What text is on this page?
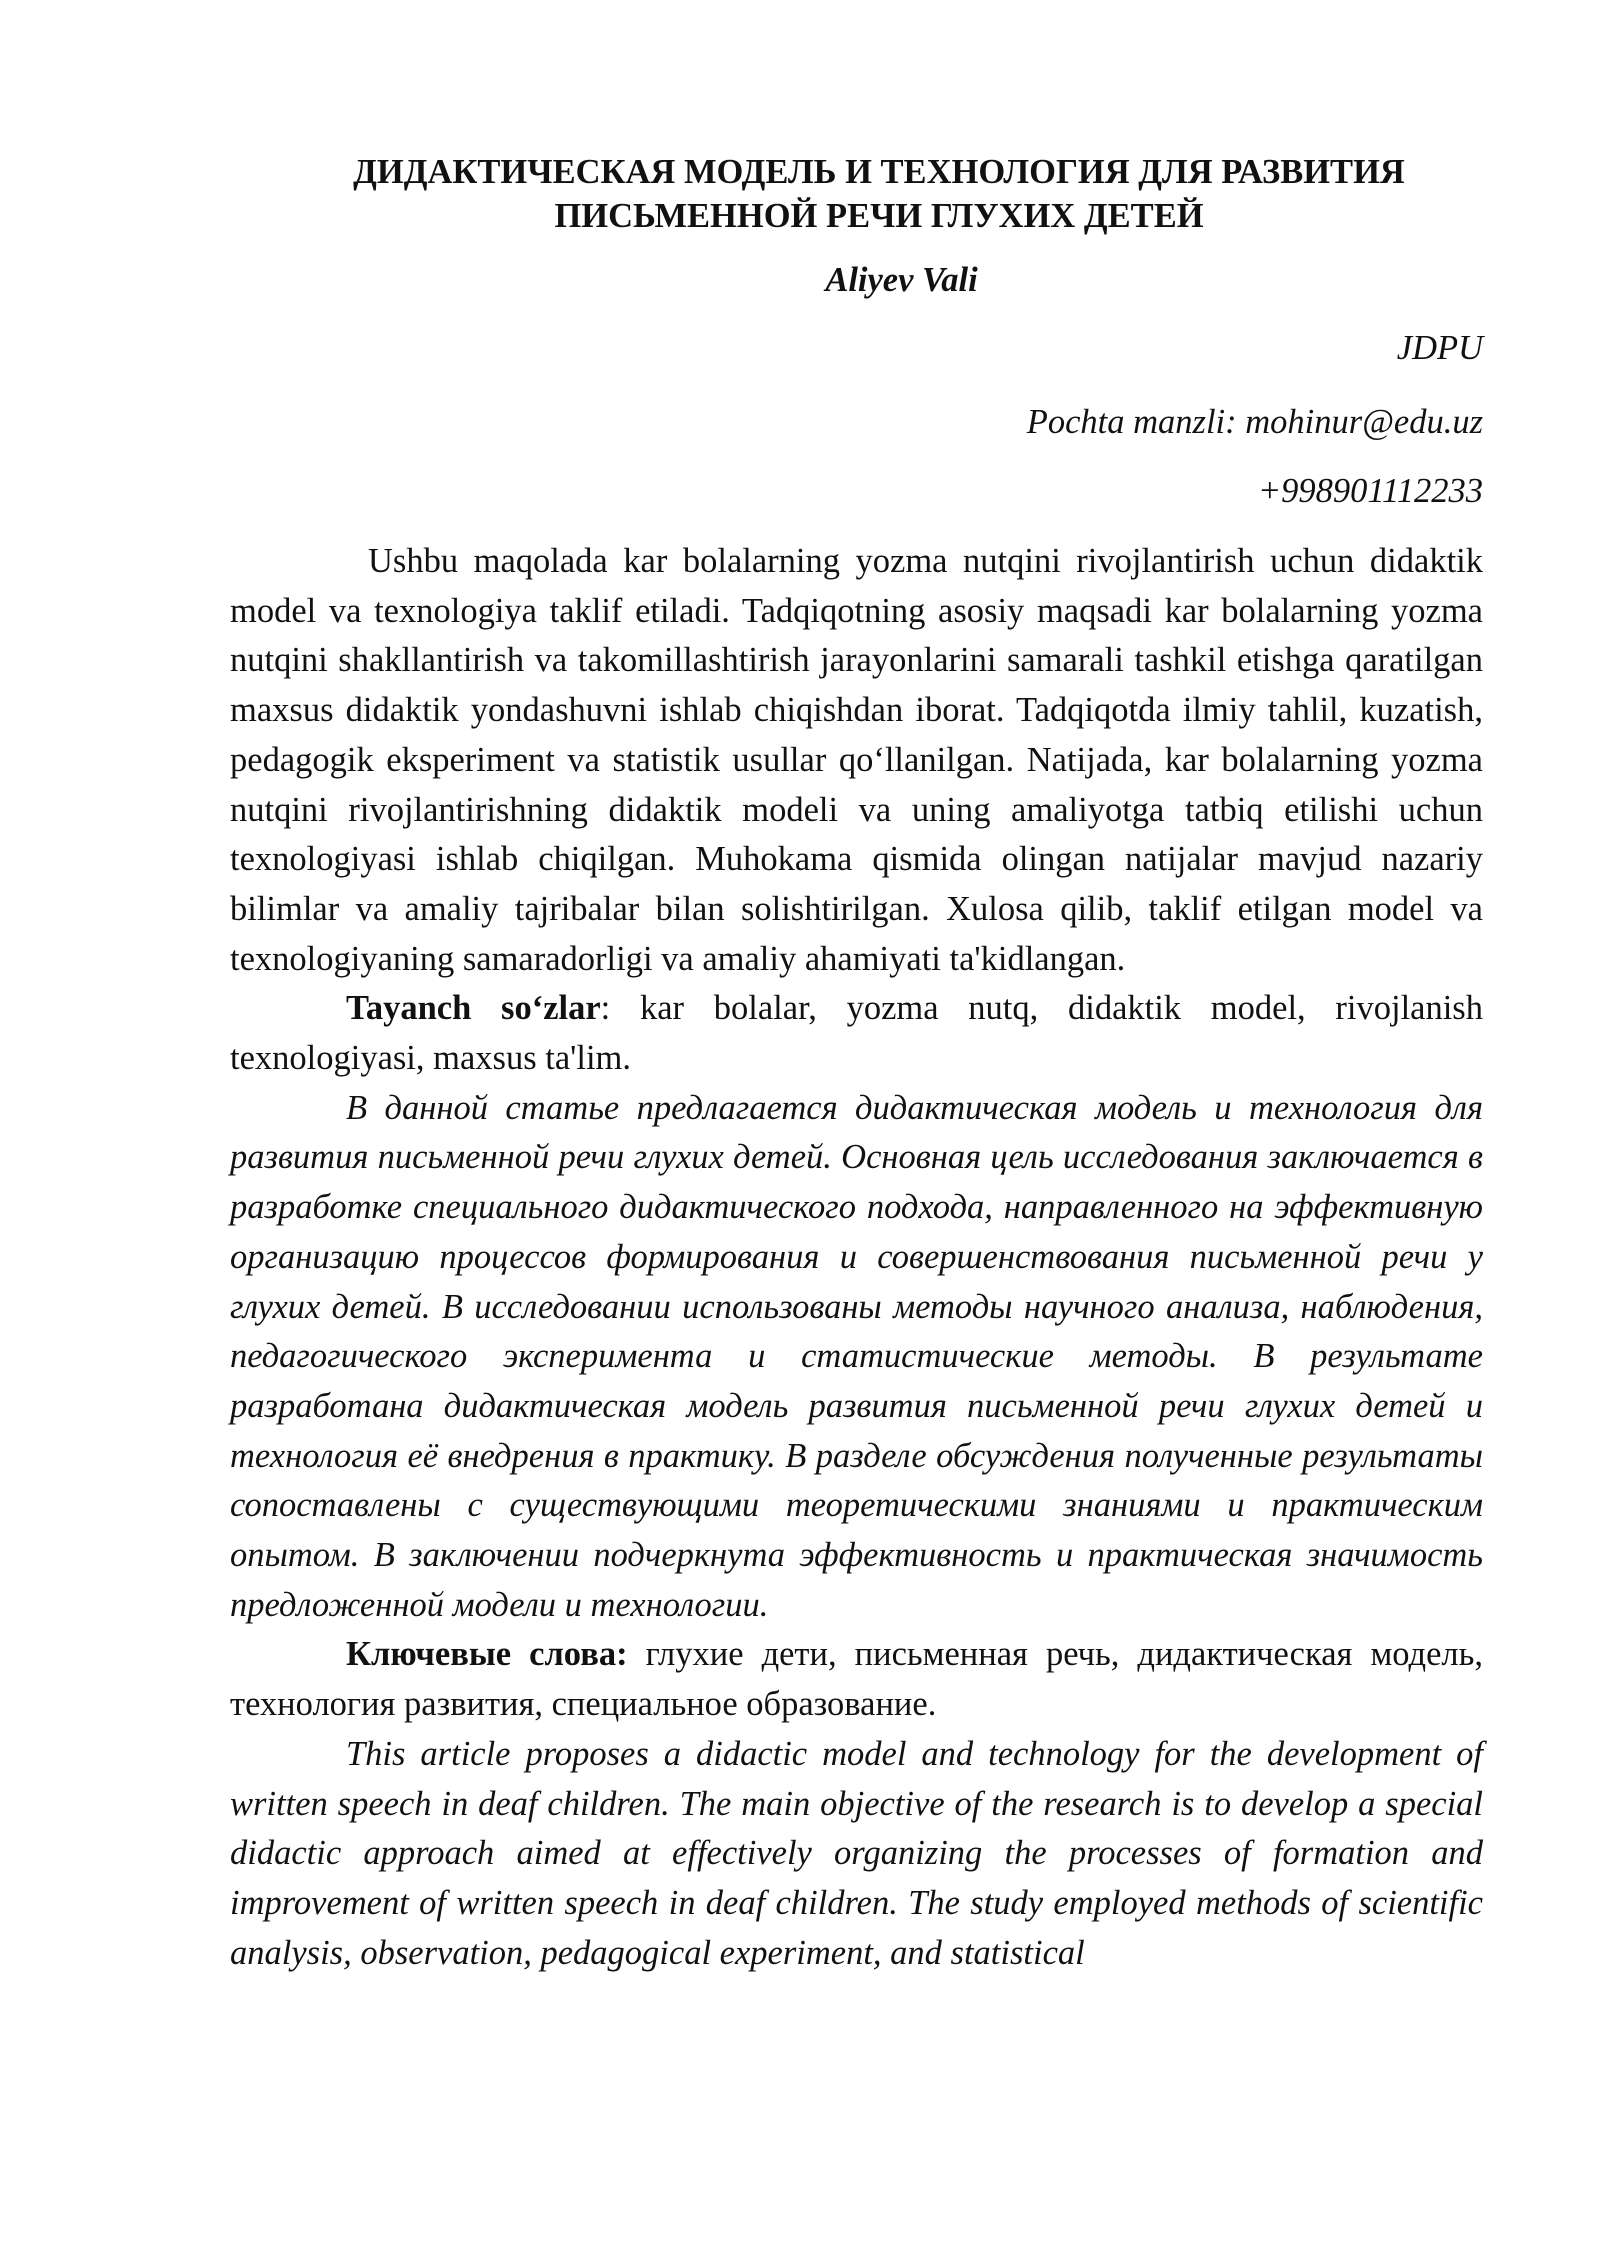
ДИДАКТИЧЕСКАЯ МОДЕЛЬ И ТЕХНОЛОГИЯ ДЛЯ РАЗВИТИЯ
ПИСЬМЕННОЙ РЕЧИ ГЛУХИХ ДЕТЕЙ
Aliyev Vali
JDPU
Pochta manzli: mohinur@edu.uz
+998901112233

Ushbu maqolada kar bolalarning yozma nutqini rivojlantirish uchun didaktik model va texnologiya taklif etiladi. Tadqiqotning asosiy maqsadi kar bolalarning yozma nutqini shakllantirish va takomillashtirish jarayonlarini samarali tashkil etishga qaratilgan maxsus didaktik yondashuvni ishlab chiqishdan iborat. Tadqiqotda ilmiy tahlil, kuzatish, pedagogik eksperiment va statistik usullar qo‘llanilgan. Natijada, kar bolalarning yozma nutqini rivojlantirishning didaktik modeli va uning amaliyotga tatbiq etilishi uchun texnologiyasi ishlab chiqilgan. Muhokama qismida olingan natijalar mavjud nazariy bilimlar va amaliy tajribalar bilan solishtirilgan. Xulosa qilib, taklif etilgan model va texnologiyaning samaradorligi va amaliy ahamiyati ta'kidlangan.

Tayanch so‘zlar: kar bolalar, yozma nutq, didaktik model, rivojlanish texnologiyasi, maxsus ta'lim.

В данной статье предлагается дидактическая модель и технология для развития письменной речи глухих детей. Основная цель исследования заключается в разработке специального дидактического подхода, направленного на эффективную организацию процессов формирования и совершенствования письменной речи у глухих детей. В исследовании использованы методы научного анализа, наблюдения, педагогического эксперимента и статистические методы. В результате разработана дидактическая модель развития письменной речи глухих детей и технология её внедрения в практику. В разделе обсуждения полученные результаты сопоставлены с существующими теоретическими знаниями и практическим опытом. В заключении подчеркнута эффективность и практическая значимость предложенной модели и технологии.

Ключевые слова: глухие дети, письменная речь, дидактическая модель, технология развития, специальное образование.

This article proposes a didactic model and technology for the development of written speech in deaf children. The main objective of the research is to develop a special didactic approach aimed at effectively organizing the processes of formation and improvement of written speech in deaf children. The study employed methods of scientific analysis, observation, pedagogical experiment, and statistical
